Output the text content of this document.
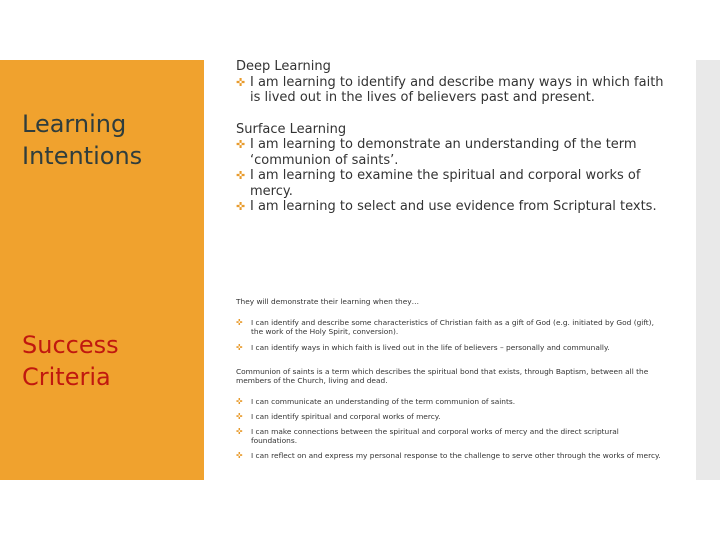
Learning Intentions
Success Criteria

Deep Learning

✜ I am learning to identify and describe many ways in which faith is lived out in the lives of believers past and present.

Surface Learning

✜ I am learning to demonstrate an understanding of the term ‘communion of saints’.

✜ I am learning to examine the spiritual and corporal works of mercy.

✜ I am learning to select and use evidence from Scriptural texts.

They will demonstrate their learning when they…

✜ I can identify and describe some characteristics of Christian faith as a gift of God (e.g. initiated by God (gift), the work of the Holy Spirit, conversion).

✜ I can identify ways in which faith is lived out in the life of believers – personally and communally.

Communion of saints is a term which describes the spiritual bond that exists, through Baptism, between all the members of the Church, living and dead.

✜ I can communicate an understanding of the term communion of saints.

✜ I can identify spiritual and corporal works of mercy.

✜ I can make connections between the spiritual and corporal works of mercy and the direct scriptural foundations.

✜ I can reflect on and express my personal response to the challenge to serve other through the works of mercy.
